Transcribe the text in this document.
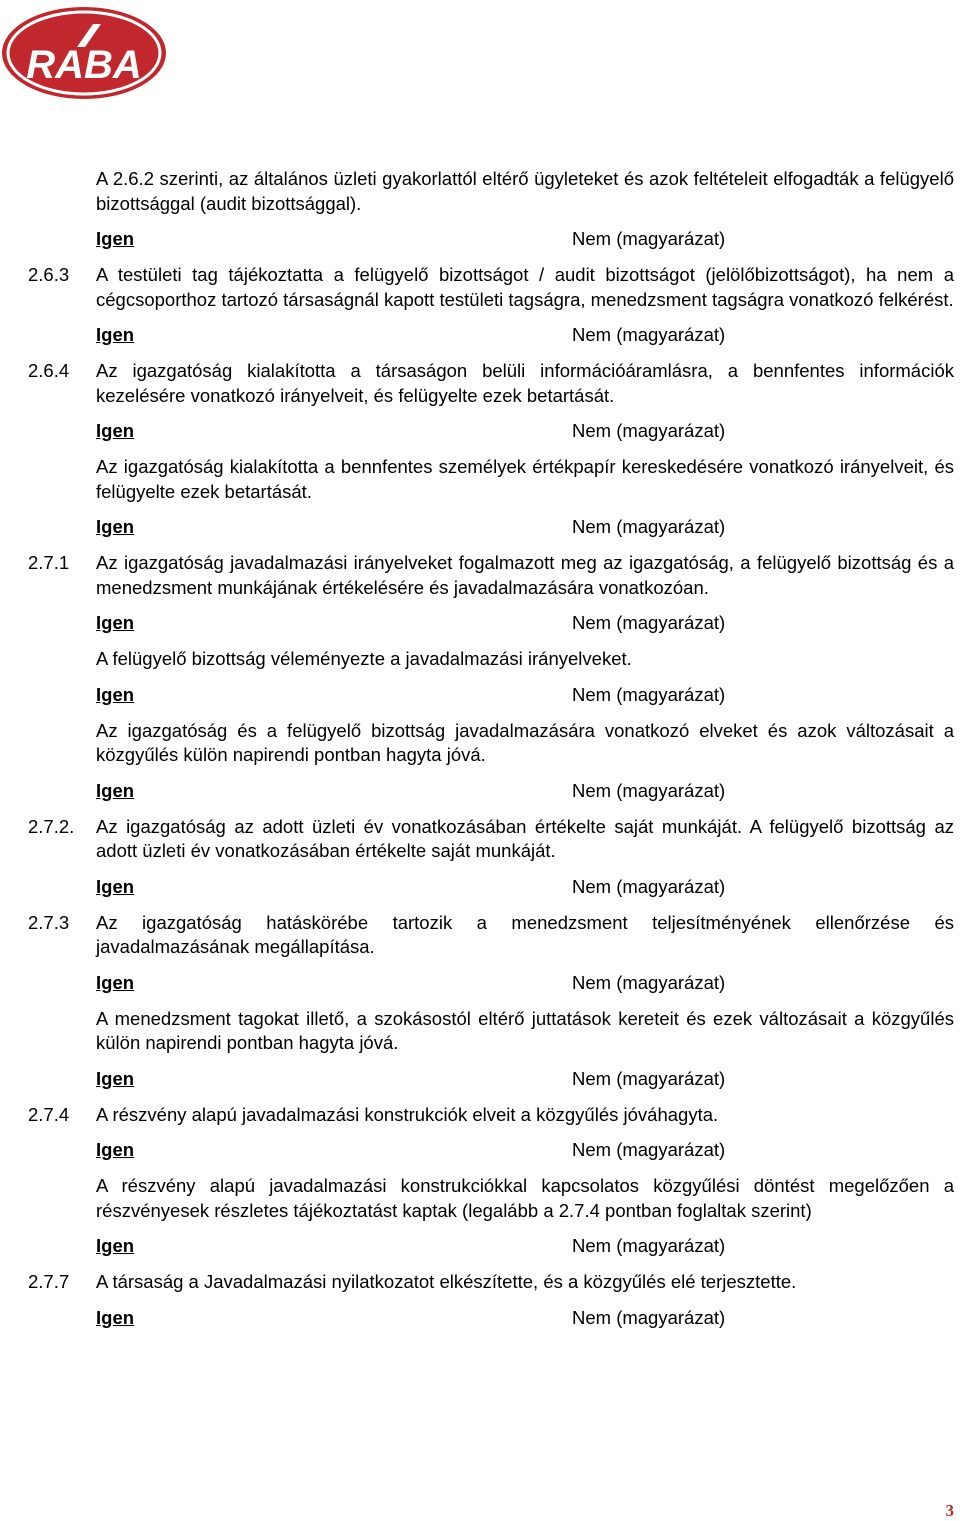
RABA
A 2.6.2 szerinti, az általános üzleti gyakorlattól eltérő ügyleteket és azok feltételeit elfogadták a felügyelő bizottsággal (audit bizottsággal).
Igen	Nem (magyarázat)
2.6.3 A testületi tag tájékoztatta a felügyelő bizottságot / audit bizottságot (jelölőbizottságot), ha nem a cégcsoporthoz tartozó társaságnál kapott testületi tagságra, menedzsment tagságra vonatkozó felkérést.
Igen	Nem (magyarázat)
2.6.4 Az igazgatóság kialakította a társaságon belüli információáramlásra, a bennfentes információk kezelésére vonatkozó irányelveit, és felügyelte ezek betartását.
Igen	Nem (magyarázat)
Az igazgatóság kialakította a bennfentes személyek értékpapír kereskedésére vonatkozó irányelveit, és felügyelte ezek betartását.
Igen	Nem (magyarázat)
2.7.1 Az igazgatóság javadalmazási irányelveket fogalmazott meg az igazgatóság, a felügyelő bizottság és a menedzsment munkájának értékelésére és javadalmazására vonatkozóan.
Igen	Nem (magyarázat)
A felügyelő bizottság véleményezte a javadalmazási irányelveket.
Igen	Nem (magyarázat)
Az igazgatóság és a felügyelő bizottság javadalmazására vonatkozó elveket és azok változásait a közgyűlés külön napirendi pontban hagyta jóvá.
Igen	Nem (magyarázat)
2.7.2. Az igazgatóság az adott üzleti év vonatkozásában értékelte saját munkáját. A felügyelő bizottság az adott üzleti év vonatkozásában értékelte saját munkáját.
Igen	Nem (magyarázat)
2.7.3 Az igazgatóság hatáskörébe tartozik a menedzsment teljesítményének ellenőrzése és javadalmazásának megállapítása.
Igen	Nem (magyarázat)
A menedzsment tagokat illető, a szokásostól eltérő juttatások kereteit és ezek változásait a közgyűlés külön napirendi pontban hagyta jóvá.
Igen	Nem (magyarázat)
2.7.4 A részvény alapú javadalmazási konstrukciók elveit a közgyűlés jóváhagyta.
Igen	Nem (magyarázat)
A részvény alapú javadalmazási konstrukciókkal kapcsolatos közgyűlési döntést megelőzően a részvényesek részletes tájékoztatást kaptak (legalább a 2.7.4 pontban foglaltak szerint)
Igen	Nem (magyarázat)
2.7.7 A társaság a Javadalmazási nyilatkozatot elkészítette, és a közgyűlés elé terjesztette.
Igen	Nem (magyarázat)
3
